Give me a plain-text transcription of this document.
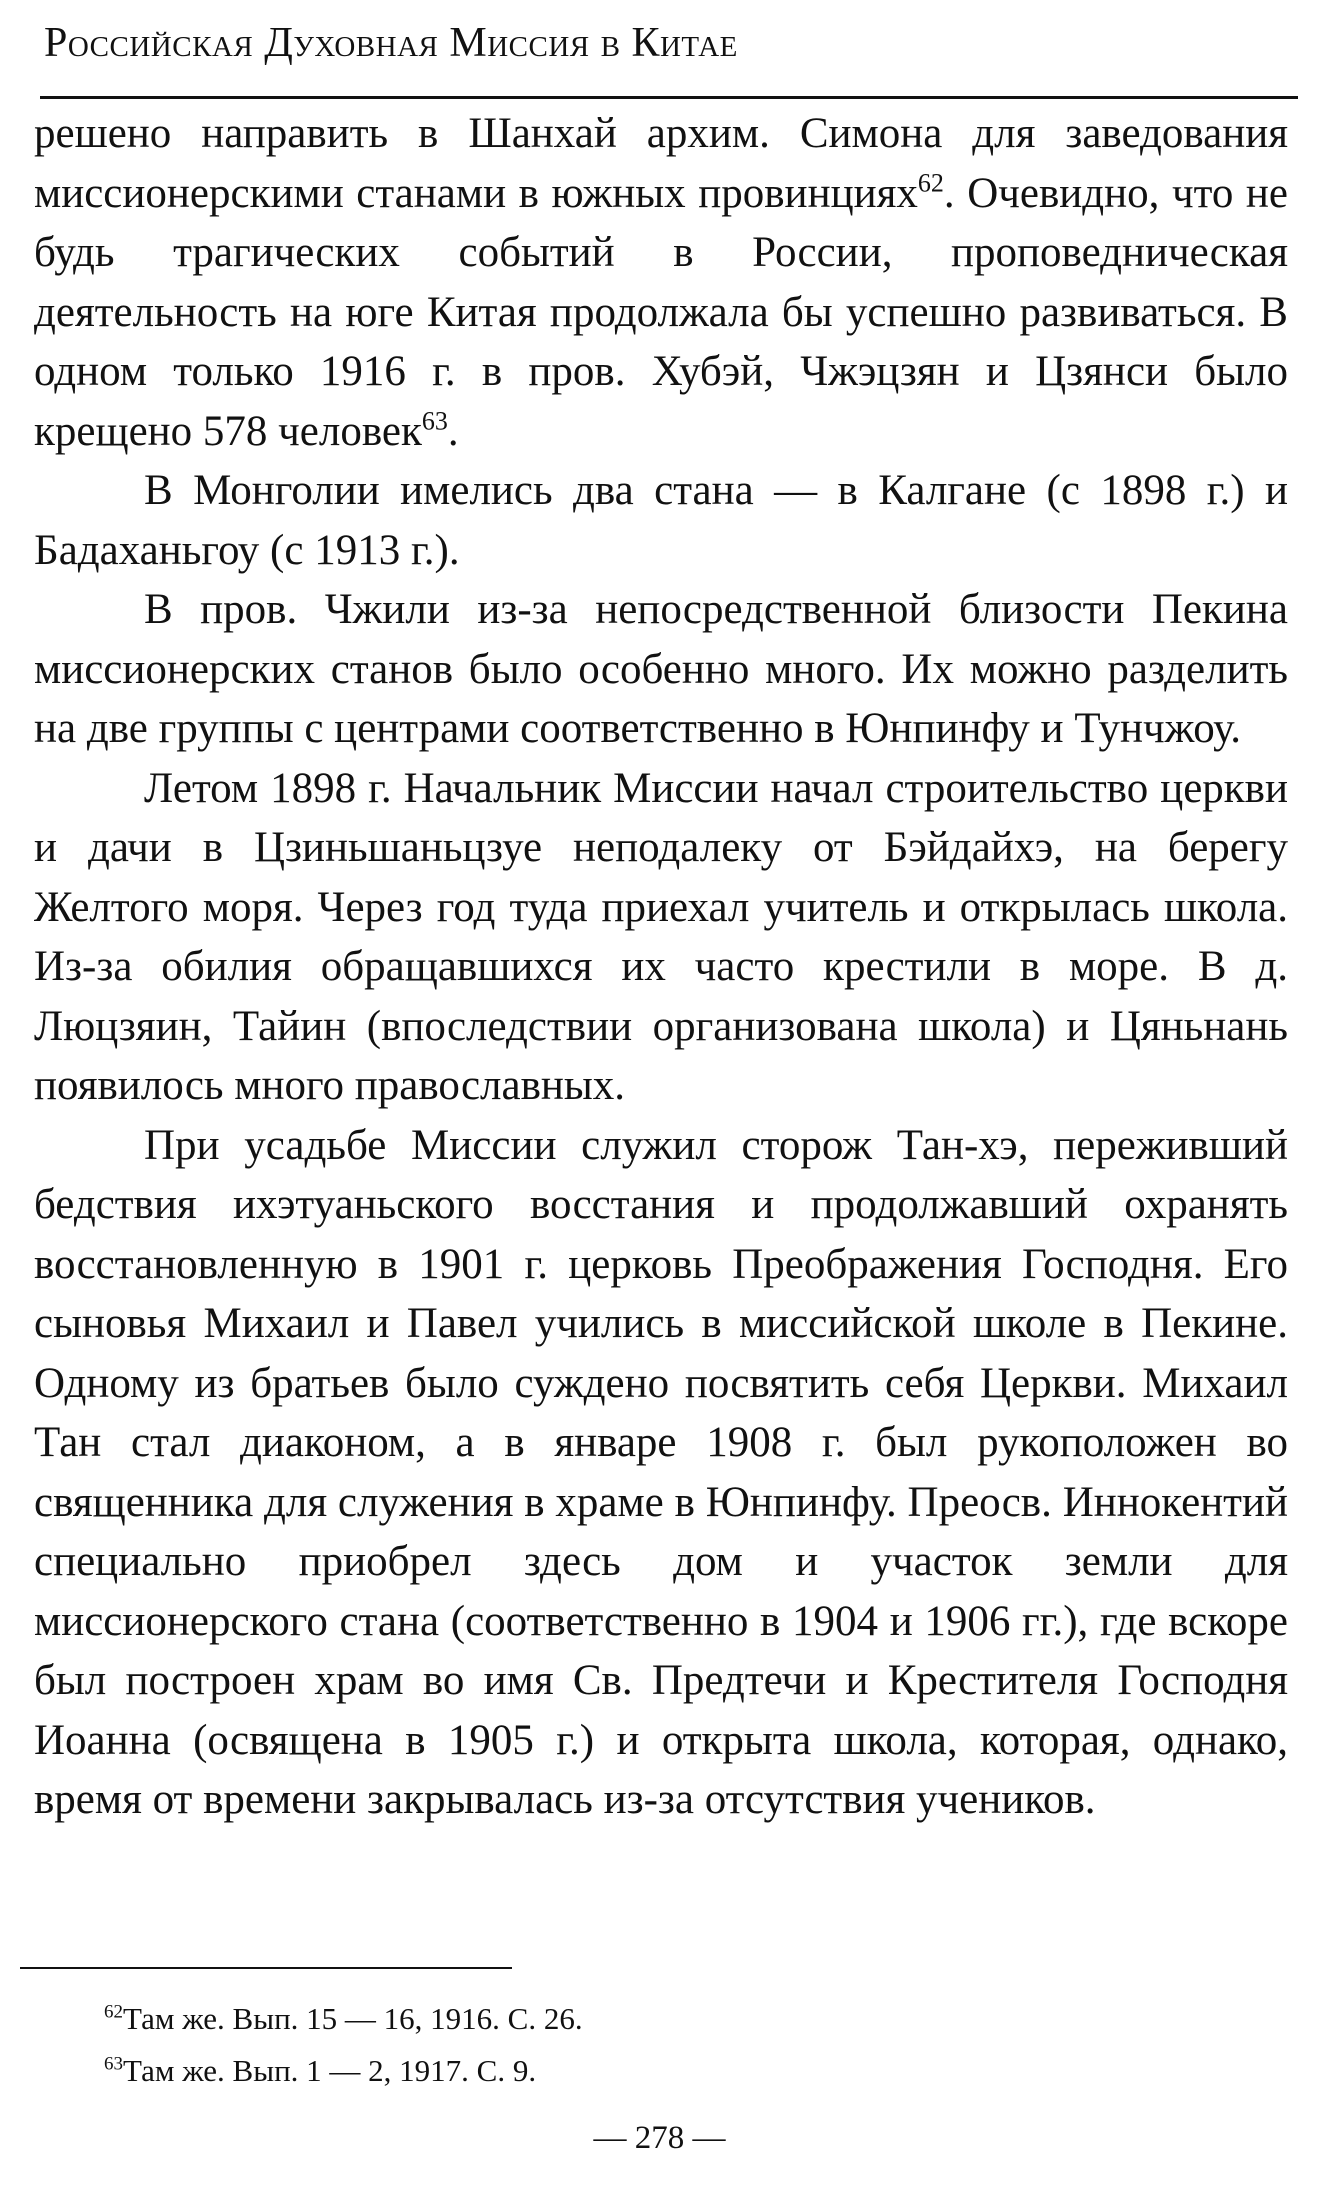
Российская Духовная Миссия в Китае

решено направить в Шанхай архим. Симона для заведования миссионерскими станами в южных провинциях$^{62}$. Очевидно, что не будь трагических событий в России, проповедническая деятельность на юге Китая продолжала бы успешно развиваться. В одном только 1916 г. в пров. Хубэй, Чжэцзян и Цзянси было крещено 578 человек$^{63}$.

В Монголии имелись два стана — в Калгане (с 1898 г.) и Бадаханьгоу (с 1913 г.).

В пров. Чжили из-за непосредственной близости Пекина миссионерских станов было особенно много. Их можно разделить на две группы с центрами соответственно в Юнпинфу и Тунчжоу.

Летом 1898 г. Начальник Миссии начал строительство церкви и дачи в Цзиньшаньцзуе неподалеку от Бэйдайхэ, на берегу Желтого моря. Через год туда приехал учитель и открылась школа. Из-за обилия обращавшихся их часто крестили в море. В д. Люцзяин, Тайин (впоследствии организована школа) и Цяньнань появилось много православных.

При усадьбе Миссии служил сторож Тан-хэ, переживший бедствия ихэтуаньского восстания и продолжавший охранять восстановленную в 1901 г. церковь Преображения Господня. Его сыновья Михаил и Павел учились в миссийской школе в Пекине. Одному из братьев было суждено посвятить себя Церкви. Михаил Тан стал диаконом, а в январе 1908 г. был рукоположен во священника для служения в храме в Юнпинфу. Преосв. Иннокентий специально приобрел здесь дом и участок земли для миссионерского стана (соответственно в 1904 и 1906 гг.), где вскоре был построен храм во имя Св. Предтечи и Крестителя Господня Иоанна (освящена в 1905 г.) и открыта школа, которая, однако, время от времени закрывалась из-за отсутствия учеников.

$^{62}$Там же. Вып. 15 — 16, 1916. С. 26.
$^{63}$Там же. Вып. 1 — 2, 1917. С. 9.
— 278 —
